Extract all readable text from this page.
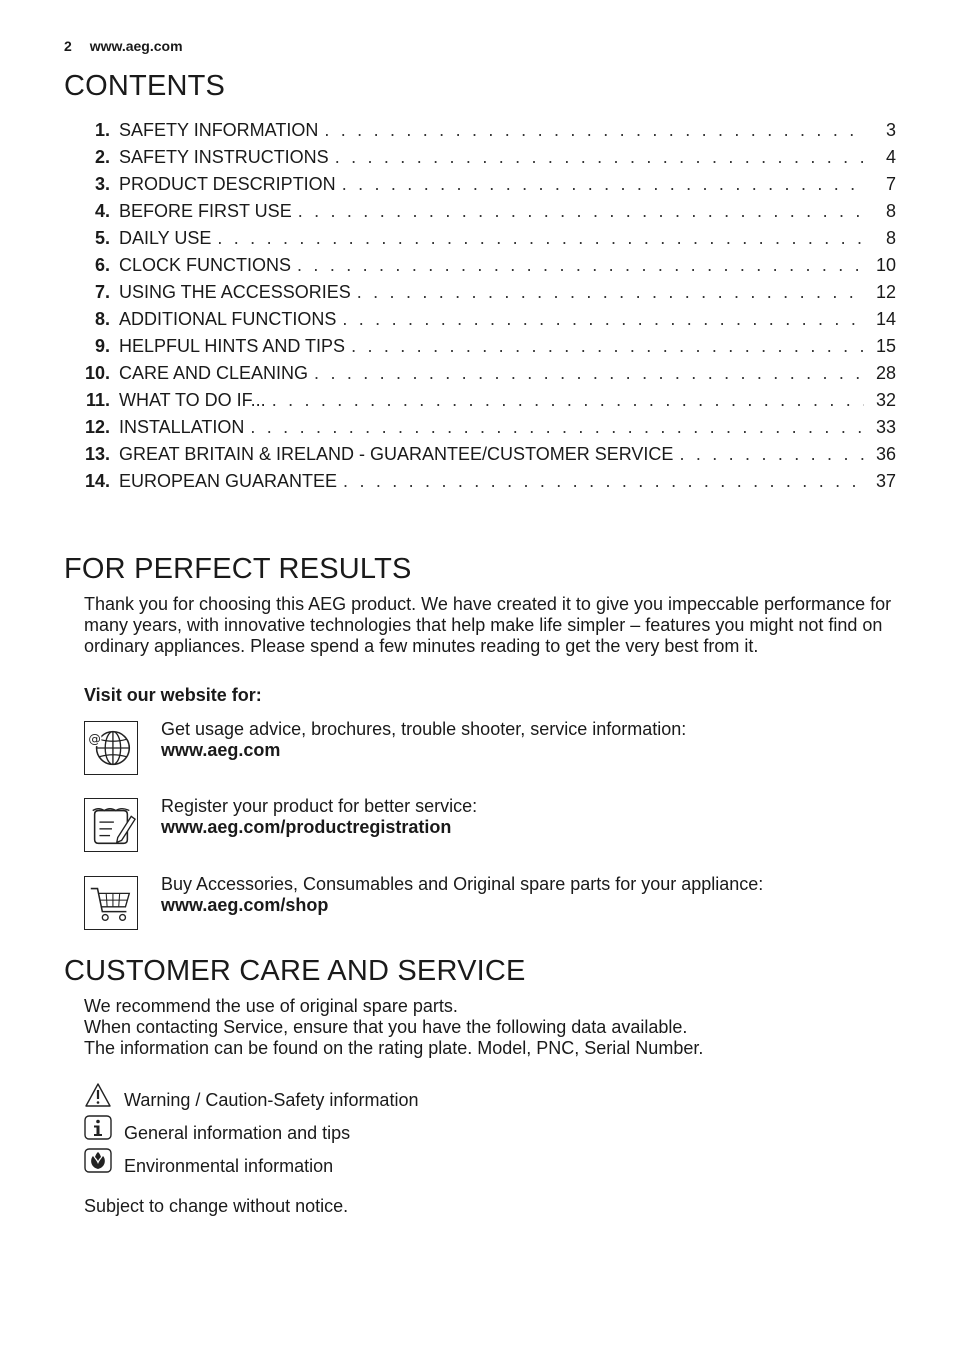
2 www.aeg.com
CONTENTS
1. SAFETY INFORMATION . . .	3
2. SAFETY INSTRUCTIONS . . .	4
3. PRODUCT DESCRIPTION . . .	7
4. BEFORE FIRST USE . . .	8
5. DAILY USE . . .	8
6. CLOCK FUNCTIONS . . .	10
7. USING THE ACCESSORIES . . .	12
8. ADDITIONAL FUNCTIONS . . .	14
9. HELPFUL HINTS AND TIPS . . .	15
10. CARE AND CLEANING . . .	28
11. WHAT TO DO IF... . . .	32
12. INSTALLATION . . .	33
13. GREAT BRITAIN & IRELAND - GUARANTEE/CUSTOMER SERVICE . . .	36
14. EUROPEAN GUARANTEE . . .	37
FOR PERFECT RESULTS
Thank you for choosing this AEG product. We have created it to give you impeccable performance for many years, with innovative technologies that help make life simpler – features you might not find on ordinary appliances. Please spend a few minutes reading to get the very best from it.
Visit our website for:
@	Get usage advice, brochures, trouble shooter, service information:
www.aeg.com
Register your product for better service:
www.aeg.com/productregistration
Buy Accessories, Consumables and Original spare parts for your appliance:
www.aeg.com/shop
CUSTOMER CARE AND SERVICE
We recommend the use of original spare parts.
When contacting Service, ensure that you have the following data available.
The information can be found on the rating plate. Model, PNC, Serial Number.
Warning / Caution-Safety information
General information and tips
Environmental information
Subject to change without notice.
